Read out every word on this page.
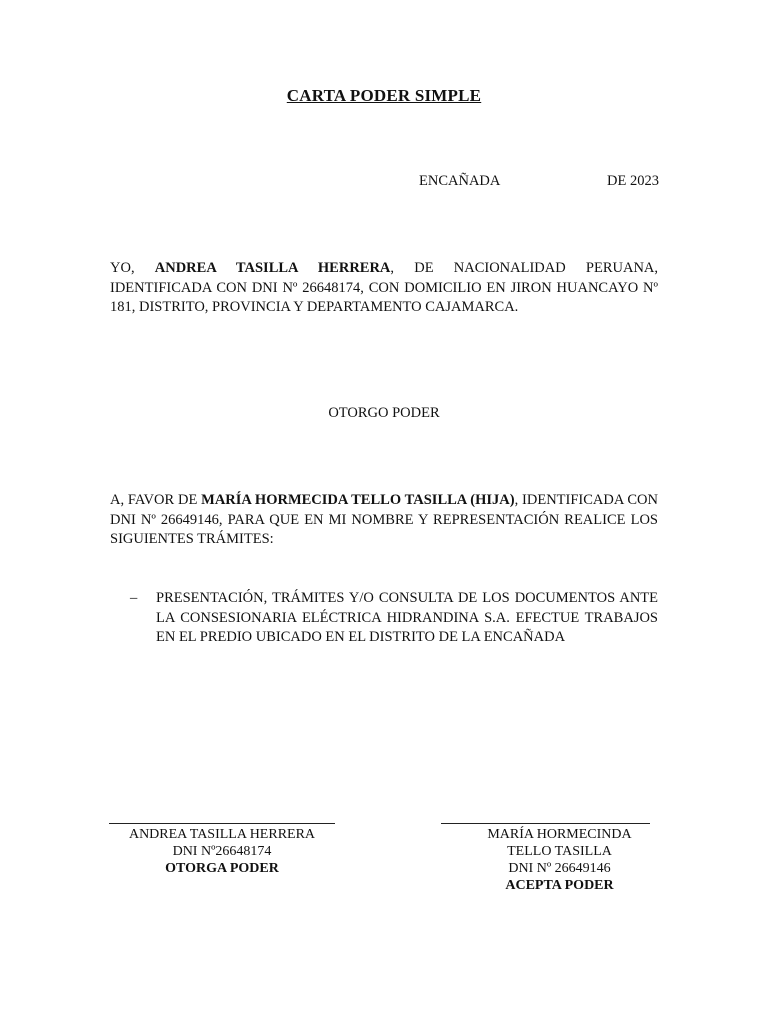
CARTA PODER SIMPLE
ENCAÑADA	DE 2023

YO, ANDREA TASILLA HERRERA, DE NACIONALIDAD PERUANA, IDENTIFICADA CON DNI Nº 26648174, CON DOMICILIO EN JIRON HUANCAYO Nº 181, DISTRITO, PROVINCIA Y DEPARTAMENTO CAJAMARCA.

OTORGO PODER

A, FAVOR DE MARÍA HORMECIDA TELLO TASILLA (HIJA), IDENTIFICADA CON DNI Nº 26649146, PARA QUE EN MI NOMBRE Y REPRESENTACIÓN REALICE LOS SIGUIENTES TRÁMITES:

– PRESENTACIÓN, TRÁMITES Y/O CONSULTA DE LOS DOCUMENTOS ANTE LA CONSESIONARIA ELÉCTRICA HIDRANDINA S.A. EFECTUE TRABAJOS EN EL PREDIO UBICADO EN EL DISTRITO DE LA ENCAÑADA

ANDREA TASILLA HERRERA
DNI Nº26648174
OTORGA PODER
MARÍA HORMECINDA
TELLO TASILLA
DNI Nº 26649146
ACEPTA PODER
